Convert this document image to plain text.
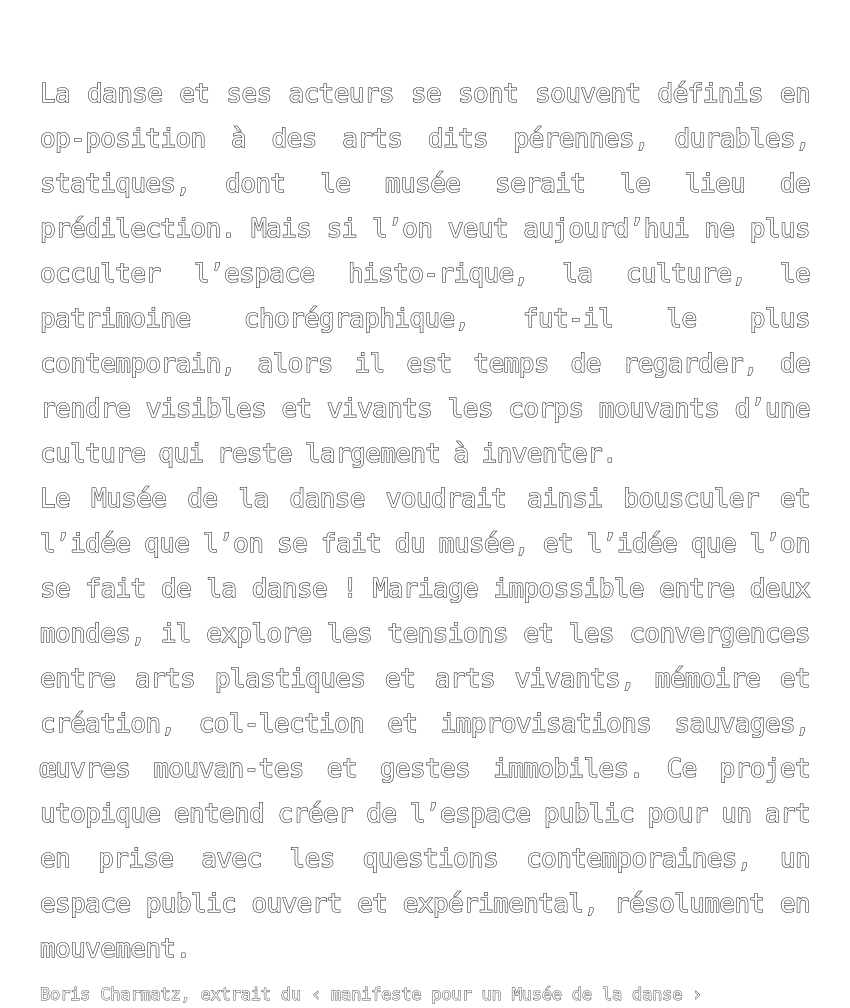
La danse et ses acteurs se sont souvent définis en op-position à des arts dits pérennes, durables, statiques, dont le musée serait le lieu de prédilection. Mais si l’on veut aujourd’hui ne plus occulter l’espace histo-rique, la culture, le patrimoine chorégraphique, fut-il le plus contemporain, alors il est temps de regarder, de rendre visibles et vivants les corps mouvants d’une culture qui reste largement à inventer.

Le Musée de la danse voudrait ainsi bousculer et l’idée que l’on se fait du musée, et l’idée que l’on se fait de la danse ! Mariage impossible entre deux mondes, il explore les tensions et les convergences entre arts plastiques et arts vivants, mémoire et création, col-lection et improvisations sauvages, œuvres mouvan-tes et gestes immobiles. Ce projet utopique entend créer de l’espace public pour un art en prise avec les questions contemporaines, un espace public ouvert et expérimental, résolument en mouvement.

Boris Charmatz, extrait du ‹ manifeste pour un Musée de la danse ›
